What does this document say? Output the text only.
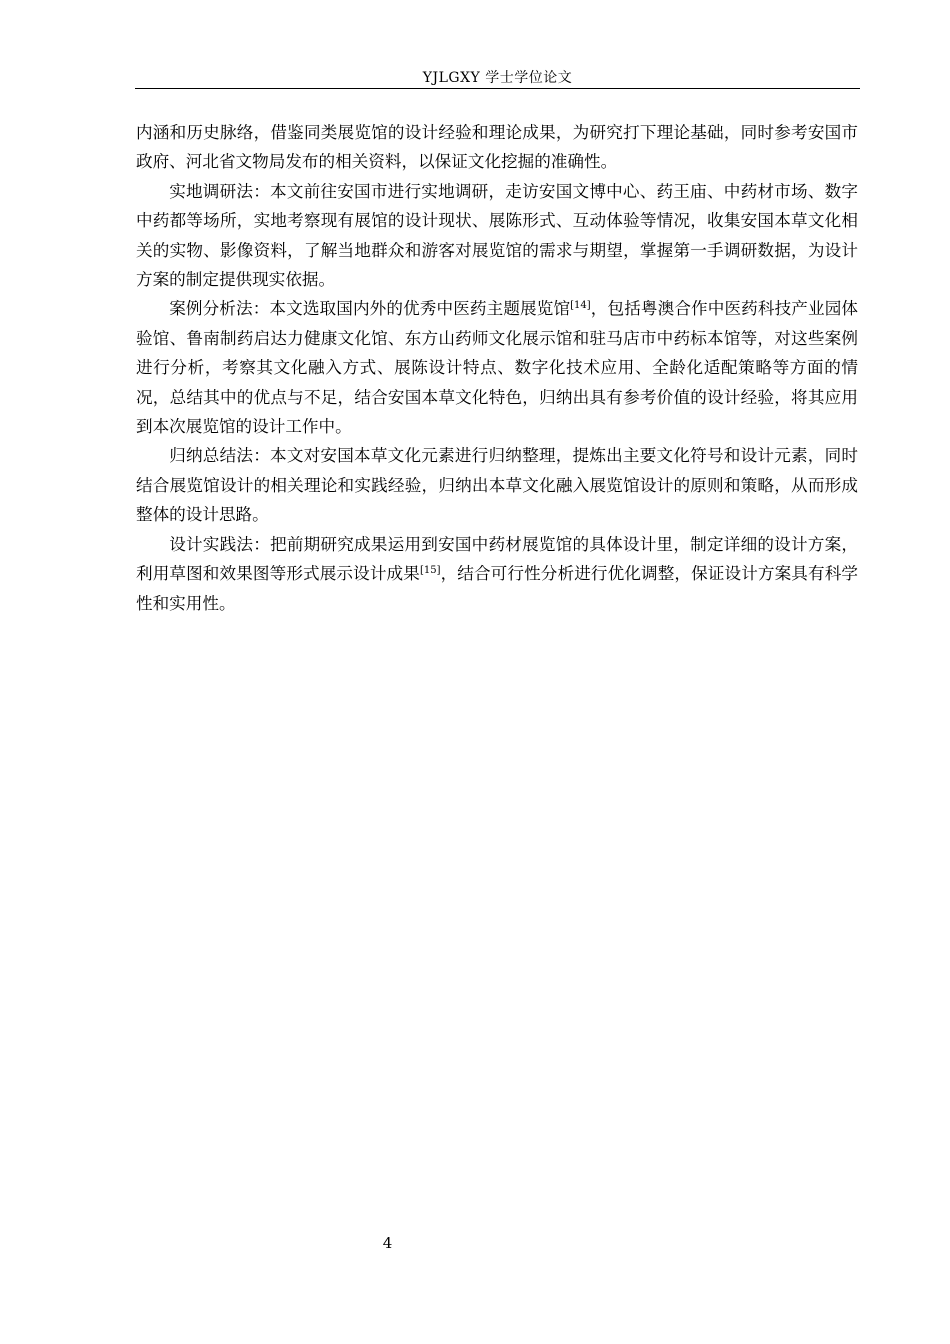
YJLGXY 学士学位论文

内涵和历史脉络，借鉴同类展览馆的设计经验和理论成果，为研究打下理论基础，同时参考安国市政府、河北省文物局发布的相关资料，以保证文化挖掘的准确性。

实地调研法：本文前往安国市进行实地调研，走访安国文博中心、药王庙、中药材市场、数字中药都等场所，实地考察现有展馆的设计现状、展陈形式、互动体验等情况，收集安国本草文化相关的实物、影像资料，了解当地群众和游客对展览馆的需求与期望，掌握第一手调研数据，为设计方案的制定提供现实依据。

案例分析法：本文选取国内外的优秀中医药主题展览馆[14]，包括粤澳合作中医药科技产业园体验馆、鲁南制药启达力健康文化馆、东方山药师文化展示馆和驻马店市中药标本馆等，对这些案例进行分析，考察其文化融入方式、展陈设计特点、数字化技术应用、全龄化适配策略等方面的情况，总结其中的优点与不足，结合安国本草文化特色，归纳出具有参考价值的设计经验，将其应用到本次展览馆的设计工作中。

归纳总结法：本文对安国本草文化元素进行归纳整理，提炼出主要文化符号和设计元素，同时结合展览馆设计的相关理论和实践经验，归纳出本草文化融入展览馆设计的原则和策略，从而形成整体的设计思路。

设计实践法：把前期研究成果运用到安国中药材展览馆的具体设计里，制定详细的设计方案，利用草图和效果图等形式展示设计成果[15]，结合可行性分析进行优化调整，保证设计方案具有科学性和实用性。

4
